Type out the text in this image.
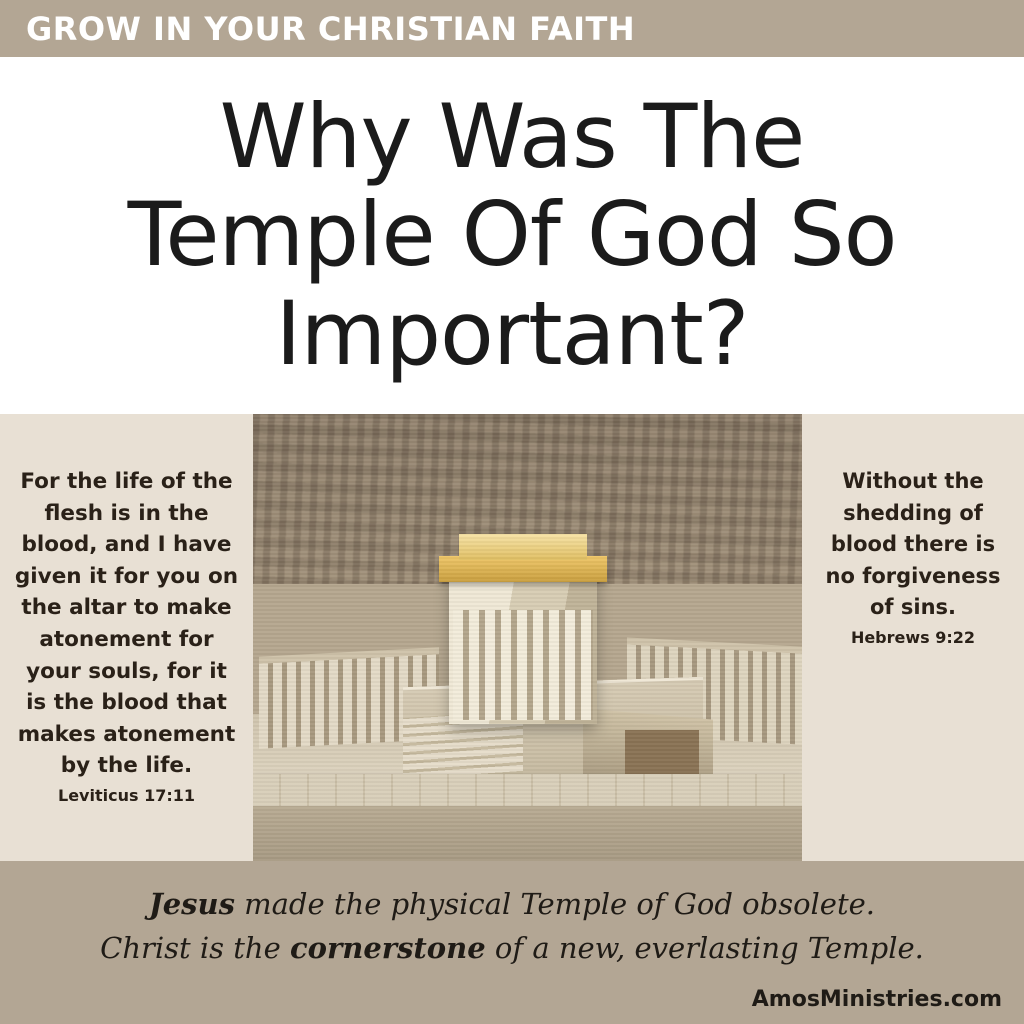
GROW IN YOUR CHRISTIAN FAITH
Why Was The
Temple Of God So
Important?
For the life of the flesh is in the blood, and I have given it for you on the altar to make atonement for your souls, for it is the blood that makes atonement by the life.
Leviticus 17:11
Without the shedding of blood there is no forgiveness of sins.
Hebrews 9:22
Jesus made the physical Temple of God obsolete.
Christ is the cornerstone of a new, everlasting Temple.
AmosMinistries.com
